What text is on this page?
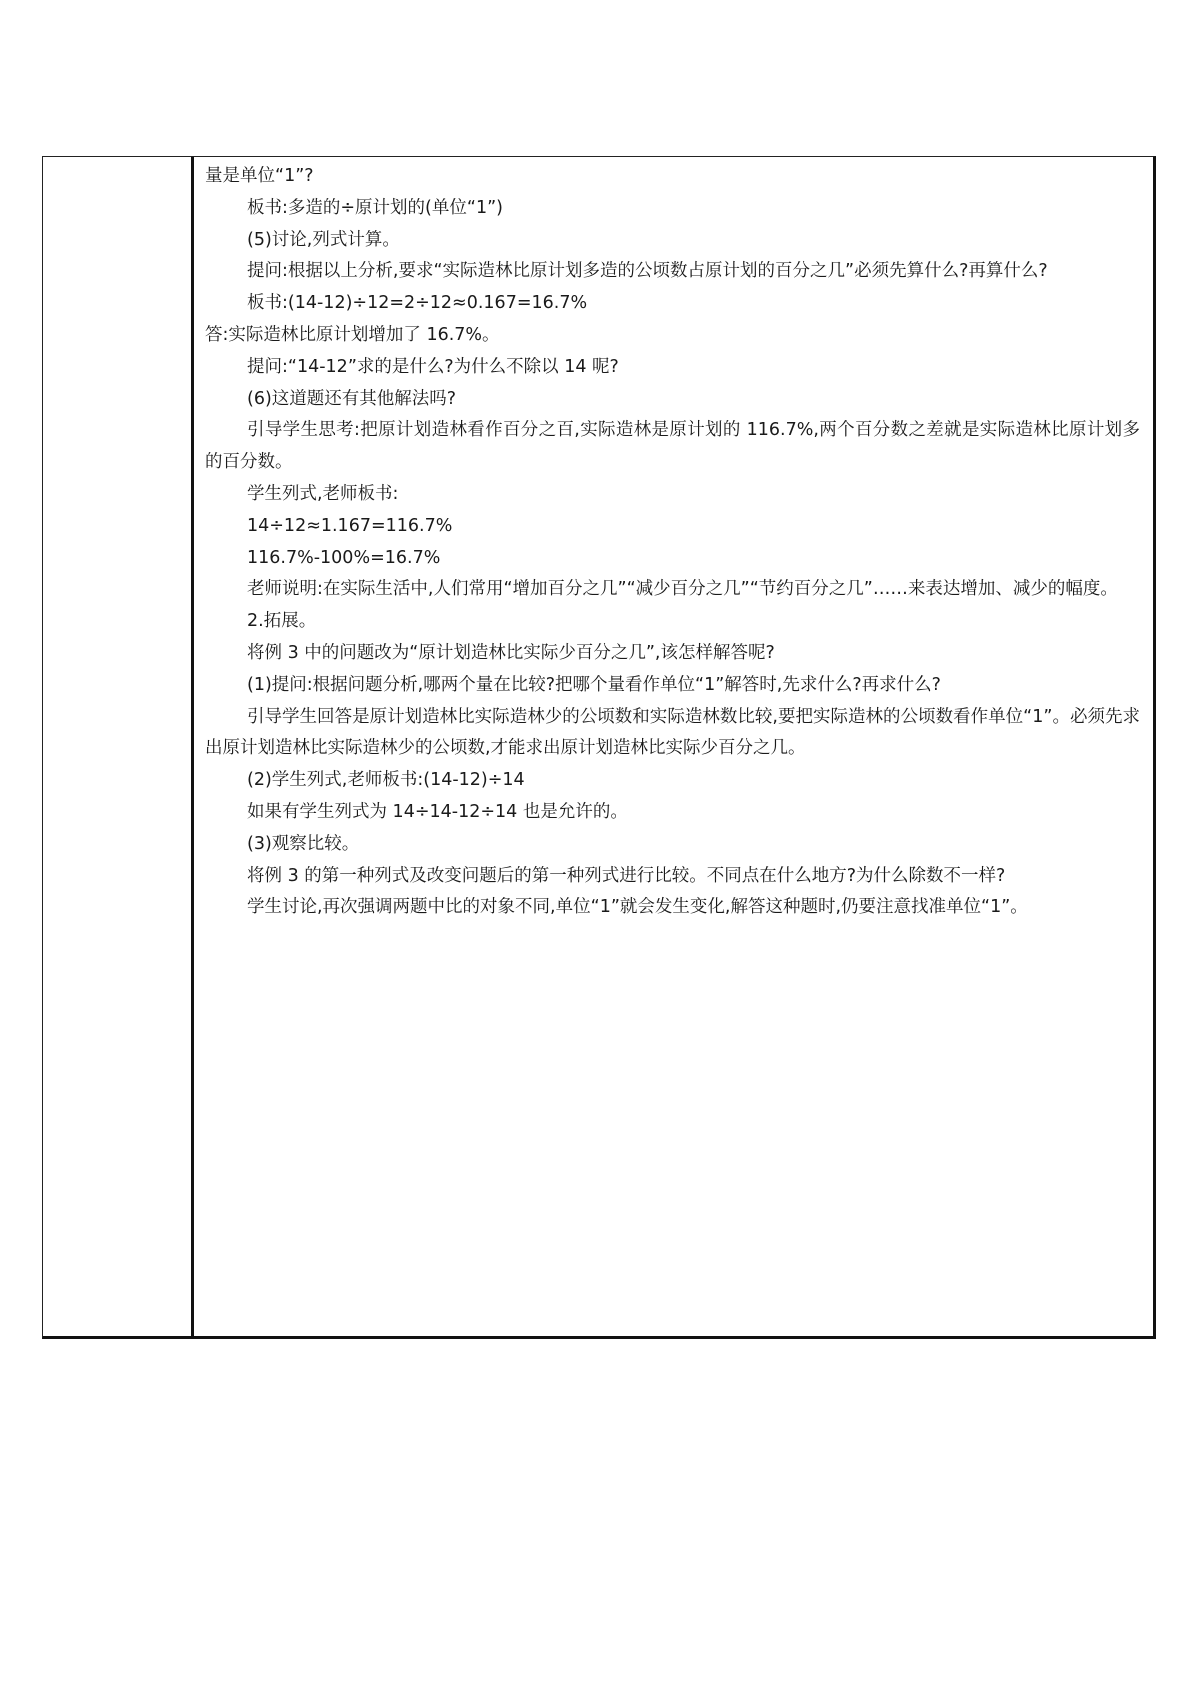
量是单位“1”?
板书:多造的÷原计划的(单位“1”)
(5)讨论,列式计算。
提问:根据以上分析,要求“实际造林比原计划多造的公顷数占原计划的百分之几”必须先算什么?再算什么?
板书:(14-12)÷12=2÷12≈0.167=16.7%
答:实际造林比原计划增加了 16.7%。
提问:“14-12”求的是什么?为什么不除以 14 呢?
(6)这道题还有其他解法吗?
引导学生思考:把原计划造林看作百分之百,实际造林是原计划的 116.7%,两个百分数之差就是实际造林比原计划多的百分数。
学生列式,老师板书:
14÷12≈1.167=116.7%
116.7%-100%=16.7%
老师说明:在实际生活中,人们常用“增加百分之几”“减少百分之几”“节约百分之几”……来表达增加、减少的幅度。
2.拓展。
将例 3 中的问题改为“原计划造林比实际少百分之几”,该怎样解答呢?
(1)提问:根据问题分析,哪两个量在比较?把哪个量看作单位“1”解答时,先求什么?再求什么?
引导学生回答是原计划造林比实际造林少的公顷数和实际造林数比较,要把实际造林的公顷数看作单位“1”。必须先求出原计划造林比实际造林少的公顷数,才能求出原计划造林比实际少百分之几。
(2)学生列式,老师板书:(14-12)÷14
如果有学生列式为 14÷14-12÷14 也是允许的。
(3)观察比较。
将例 3 的第一种列式及改变问题后的第一种列式进行比较。不同点在什么地方?为什么除数不一样?
学生讨论,再次强调两题中比的对象不同,单位“1”就会发生变化,解答这种题时,仍要注意找准单位“1”。
